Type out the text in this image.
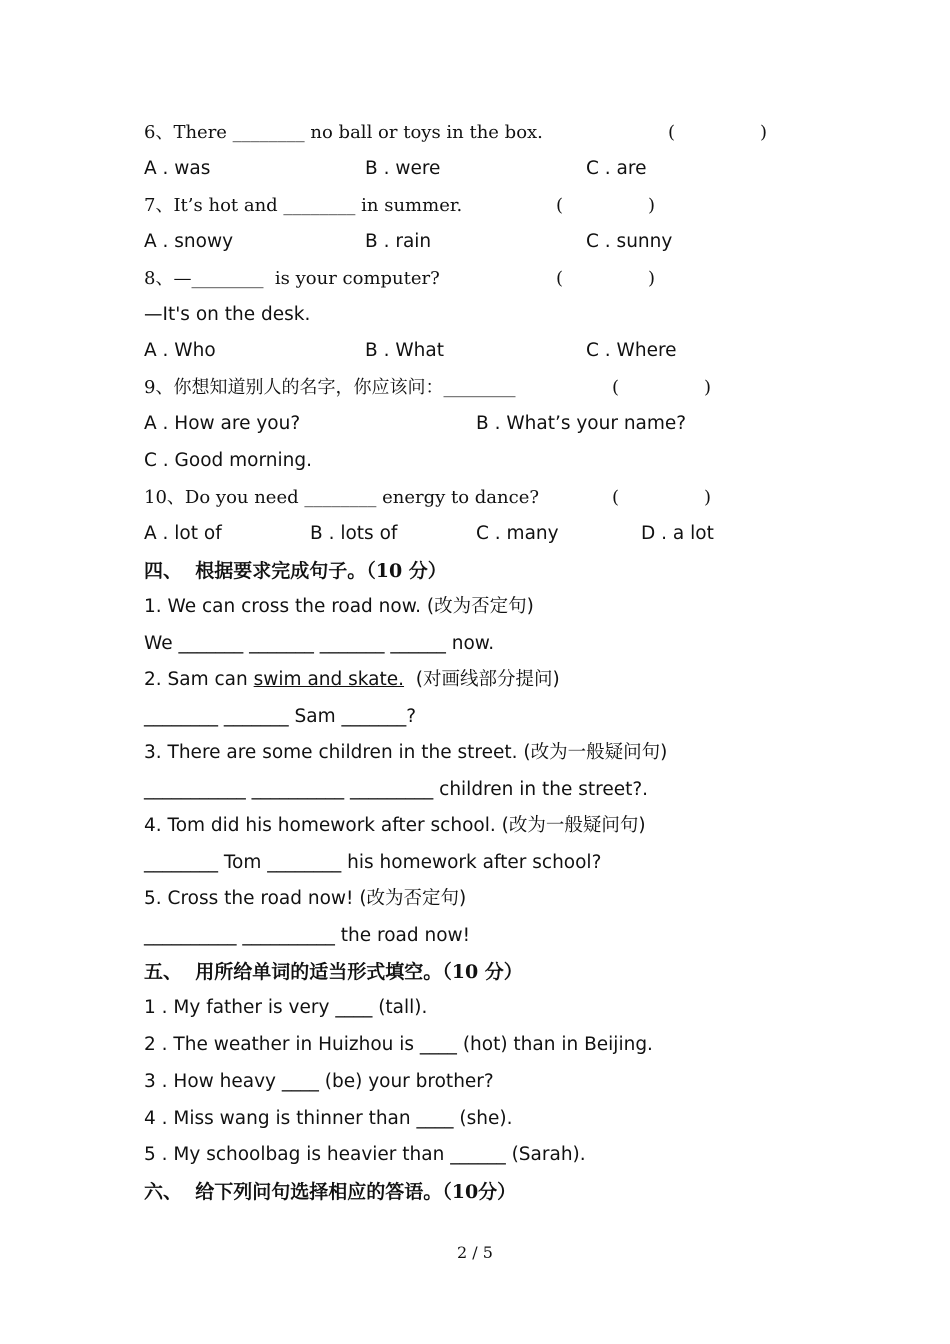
6、There ________ no ball or toys in the box.	(	)
A . was	B . were	C . are
7、It’s hot and ________ in summer.	(	)
A . snowy	B . rain	C . sunny
8、—________  is your computer?	(	)
—It's on the desk.
A . Who	B . What	C . Where
9、你想知道别人的名字，你应该问：________	(	)
A . How are you?	B . What’s your name?
C . Good morning.
10、Do you need ________ energy to dance?	(	)
A . lot of	B . lots of	C . many	D . a lot
四、  根据要求完成句子。（10 分）
1. We can cross the road now. (改为否定句)
We _______ _______ _______ ______ now.
2. Sam can swim and skate.  (对画线部分提问)
________ _______ Sam _______?
3. There are some children in the street. (改为一般疑问句)
___________ __________ _________ children in the street?.
4. Tom did his homework after school. (改为一般疑问句)
________ Tom ________ his homework after school?
5. Cross the road now! (改为否定句)
__________ __________ the road now!
五、  用所给单词的适当形式填空。（10 分）
1 . My father is very ____ (tall).
2 . The weather in Huizhou is ____ (hot) than in Beijing.
3 . How heavy ____ (be) your brother?
4 . Miss wang is thinner than ____ (she).
5 . My schoolbag is heavier than ______ (Sarah).
六、  给下列问句选择相应的答语。（10分）
2 / 5
